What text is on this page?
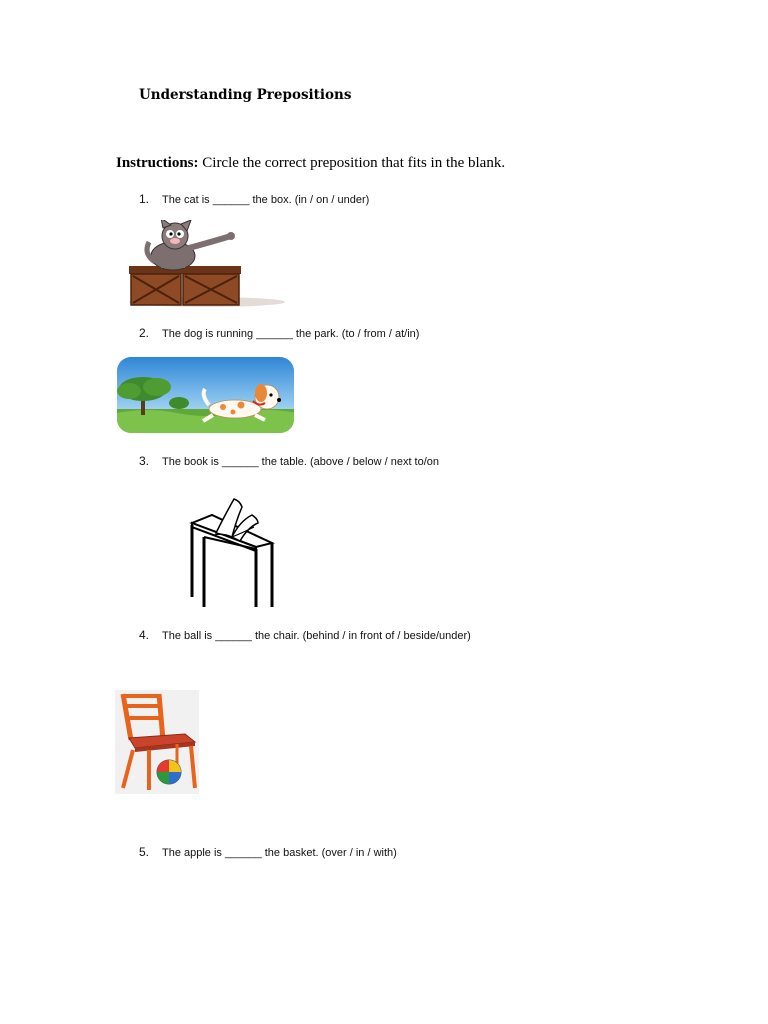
Understanding Prepositions
Instructions: Circle the correct preposition that fits in the blank.
1. The cat is ______ the box. (in / on / under)
2. The dog is running ______ the park. (to / from / at/in)
3. The book is ______ the table. (above / below / next to/on
4. The ball is ______ the chair. (behind / in front of / beside/under)
5. The apple is ______ the basket. (over / in / with)
